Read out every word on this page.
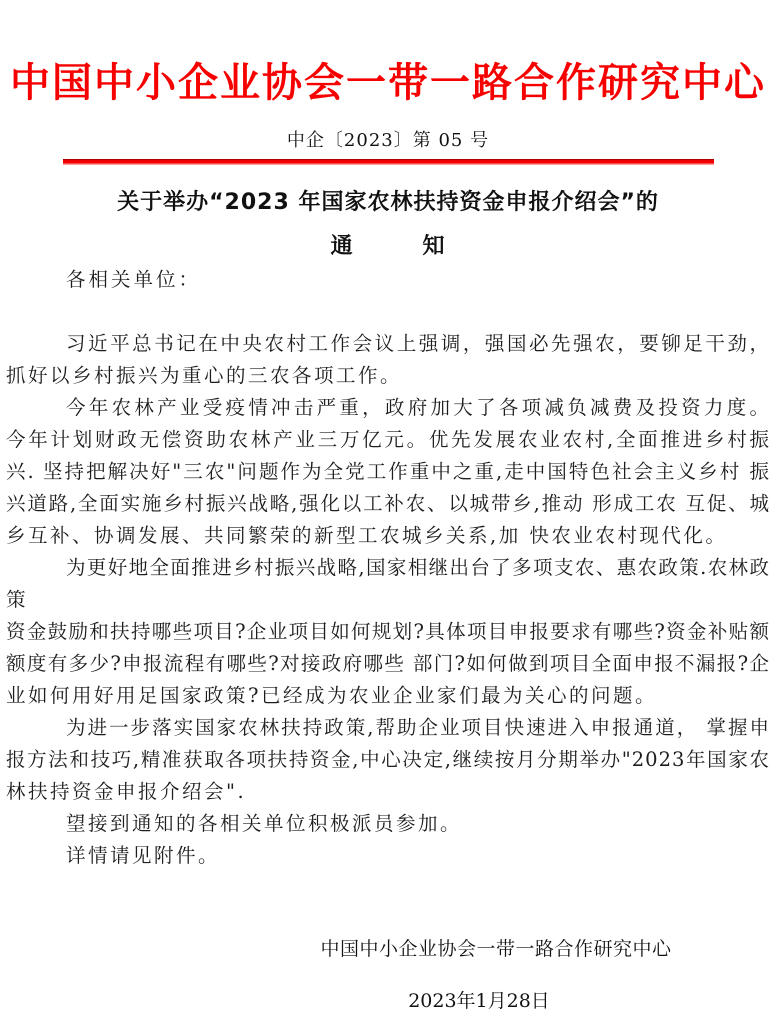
中国中小企业协会一带一路合作研究中心
中企〔2023〕第 05 号
关于举办“2023 年国家农林扶持资金申报介绍会”的
通　　　知
各相关单位：
习近平总书记在中央农村工作会议上强调，强国必先强农，要铆足干劲，
抓好以乡村振兴为重心的三农各项工作。
今年农林产业受疫情冲击严重，政府加大了各项减负减费及投资力度。
今年计划财政无偿资助农林产业三万亿元。优先发展农业农村,全面推进乡村振
兴. 坚持把解决好"三农"问题作为全党工作重中之重,走中国特色社会主义乡村 振
兴道路,全面实施乡村振兴战略,强化以工补农、以城带乡,推动 形成工农 互促、城
乡互补、协调发展、共同繁荣的新型工农城乡关系,加 快农业农村现代化。
为更好地全面推进乡村振兴战略,国家相继出台了多项支农、惠农政策.农林政策
资金鼓励和扶持哪些项目?企业项目如何规划?具体项目申报要求有哪些?资金补贴额
额度有多少?申报流程有哪些?对接政府哪些 部门?如何做到项目全面申报不漏报?企
业如何用好用足国家政策?已经成为农业企业家们最为关心的问题。
为进一步落实国家农林扶持政策,帮助企业项目快速进入申报通道， 掌握申
报方法和技巧,精准获取各项扶持资金,中心决定,继续按月分期举办"2023年国家农
林扶持资金申报介绍会".
望接到通知的各相关单位积极派员参加。
详情请见附件。
中国中小企业协会一带一路合作研究中心
2023年1月28日
